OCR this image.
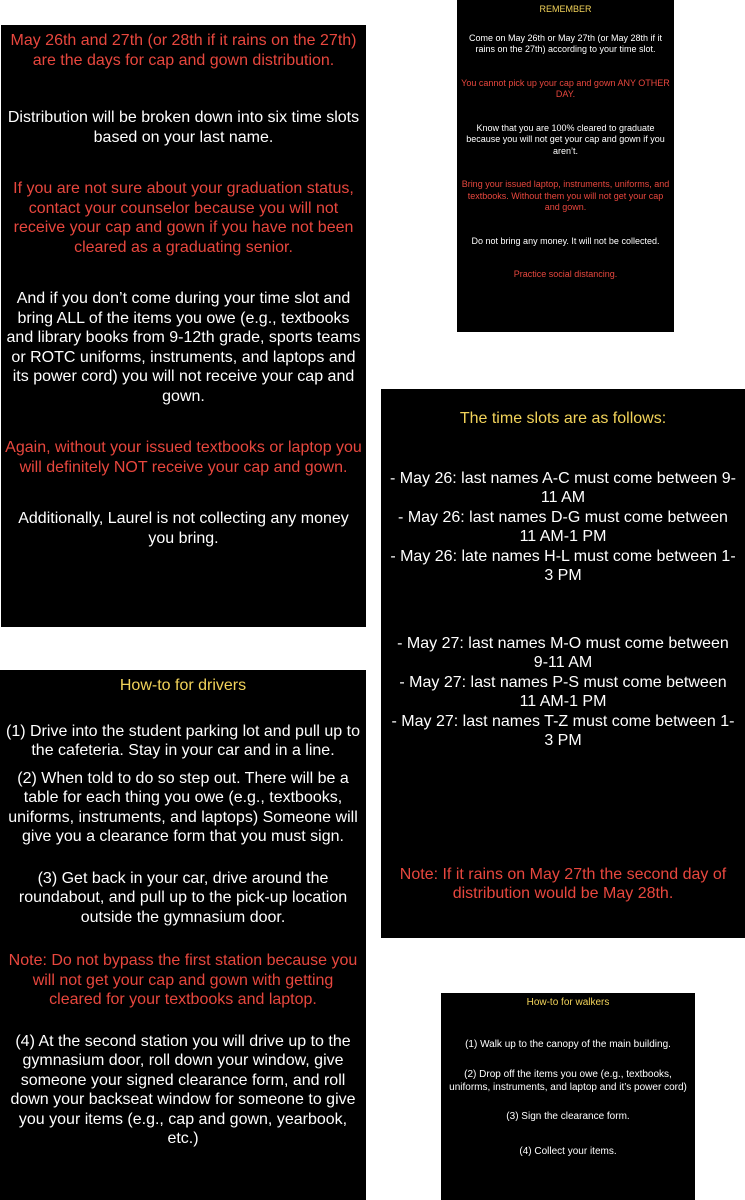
May 26th and 27th (or 28th if it rains on the 27th) are the days for cap and gown distribution.

Distribution will be broken down into six time slots based on your last name.

If you are not sure about your graduation status, contact your counselor because you will not receive your cap and gown if you have not been cleared as a graduating senior.

And if you don’t come during your time slot and bring ALL of the items you owe (e.g., textbooks and library books from 9-12th grade, sports teams or ROTC uniforms, instruments, and laptops and its power cord) you will not receive your cap and gown.

Again, without your issued textbooks or laptop you will definitely NOT receive your cap and gown.

Additionally, Laurel is not collecting any money you bring.

REMEMBER

Come on May 26th or May 27th (or May 28th if it rains on the 27th) according to your time slot.

You cannot pick up your cap and gown ANY OTHER DAY.

Know that you are 100% cleared to graduate because you will not get your cap and gown if you aren’t.

Bring your issued laptop, instruments, uniforms, and textbooks. Without them you will not get your cap and gown.

Do not bring any money. It will not be collected.

Practice social distancing.

The time slots are as follows:

- May 26: last names A-C must come between 9-11 AM

- May 26: last names D-G must come between 11 AM-1 PM

- May 26: late names H-L must come between 1-3 PM

- May 27: last names M-O must come between 9-11 AM

- May 27: last names P-S must come between 11 AM-1 PM

- May 27: last names T-Z must come between 1-3 PM

Note: If it rains on May 27th the second day of distribution would be May 28th.

How-to for drivers

(1) Drive into the student parking lot and pull up to the cafeteria. Stay in your car and in a line.

(2) When told to do so step out. There will be a table for each thing you owe (e.g., textbooks, uniforms, instruments, and laptops) Someone will give you a clearance form that you must sign.

(3) Get back in your car, drive around the roundabout, and pull up to the pick-up location outside the gymnasium door.

Note: Do not bypass the first station because you will not get your cap and gown with getting cleared for your textbooks and laptop.

(4) At the second station you will drive up to the gymnasium door, roll down your window, give someone your signed clearance form, and roll down your backseat window for someone to give you your items (e.g., cap and gown, yearbook, etc.)

How-to for walkers

(1) Walk up to the canopy of the main building.

(2) Drop off the items you owe (e.g., textbooks, uniforms, instruments, and laptop and it’s power cord)

(3) Sign the clearance form.

(4) Collect your items.
